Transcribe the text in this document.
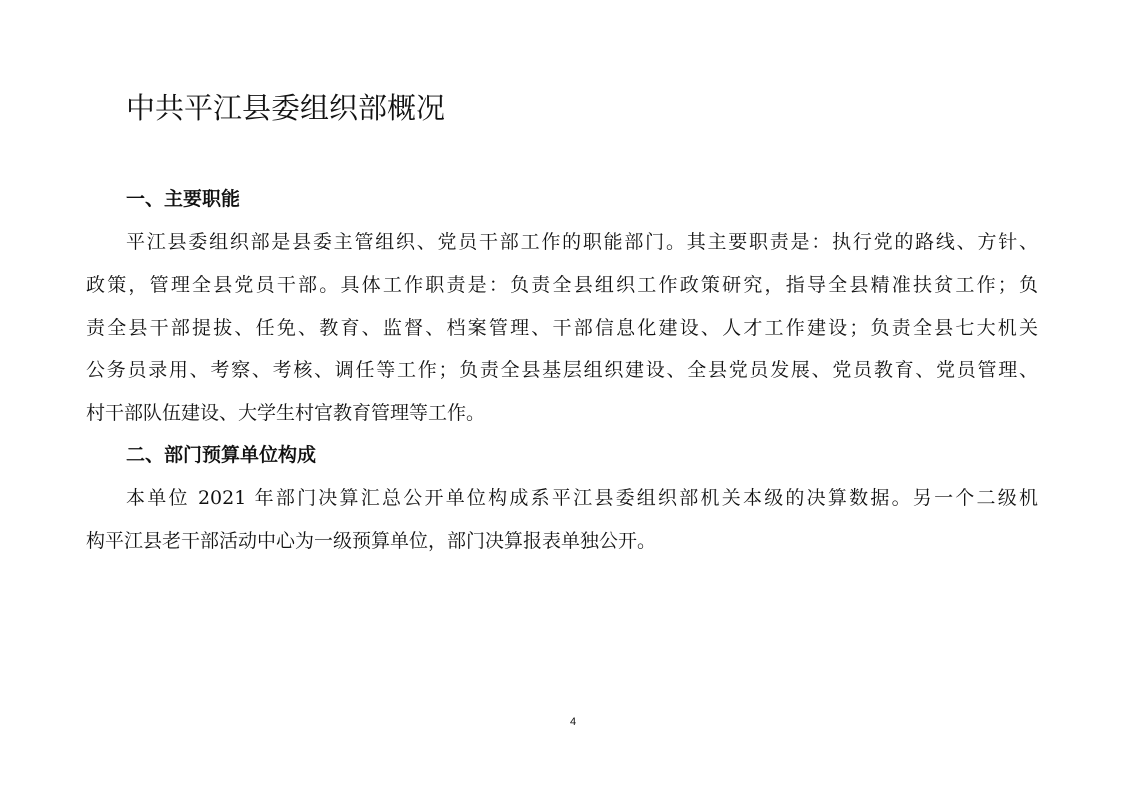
中共平江县委组织部概况
一、主要职能

平江县委组织部是县委主管组织、党员干部工作的职能部门。其主要职责是：执行党的路线、方针、

政策，管理全县党员干部。具体工作职责是：负责全县组织工作政策研究，指导全县精准扶贫工作；负

责全县干部提拔、任免、教育、监督、档案管理、干部信息化建设、人才工作建设；负责全县七大机关

公务员录用、考察、考核、调任等工作；负责全县基层组织建设、全县党员发展、党员教育、党员管理、

村干部队伍建设、大学生村官教育管理等工作。

二、部门预算单位构成

本单位 2021 年部门决算汇总公开单位构成系平江县委组织部机关本级的决算数据。另一个二级机

构平江县老干部活动中心为一级预算单位，部门决算报表单独公开。

4
